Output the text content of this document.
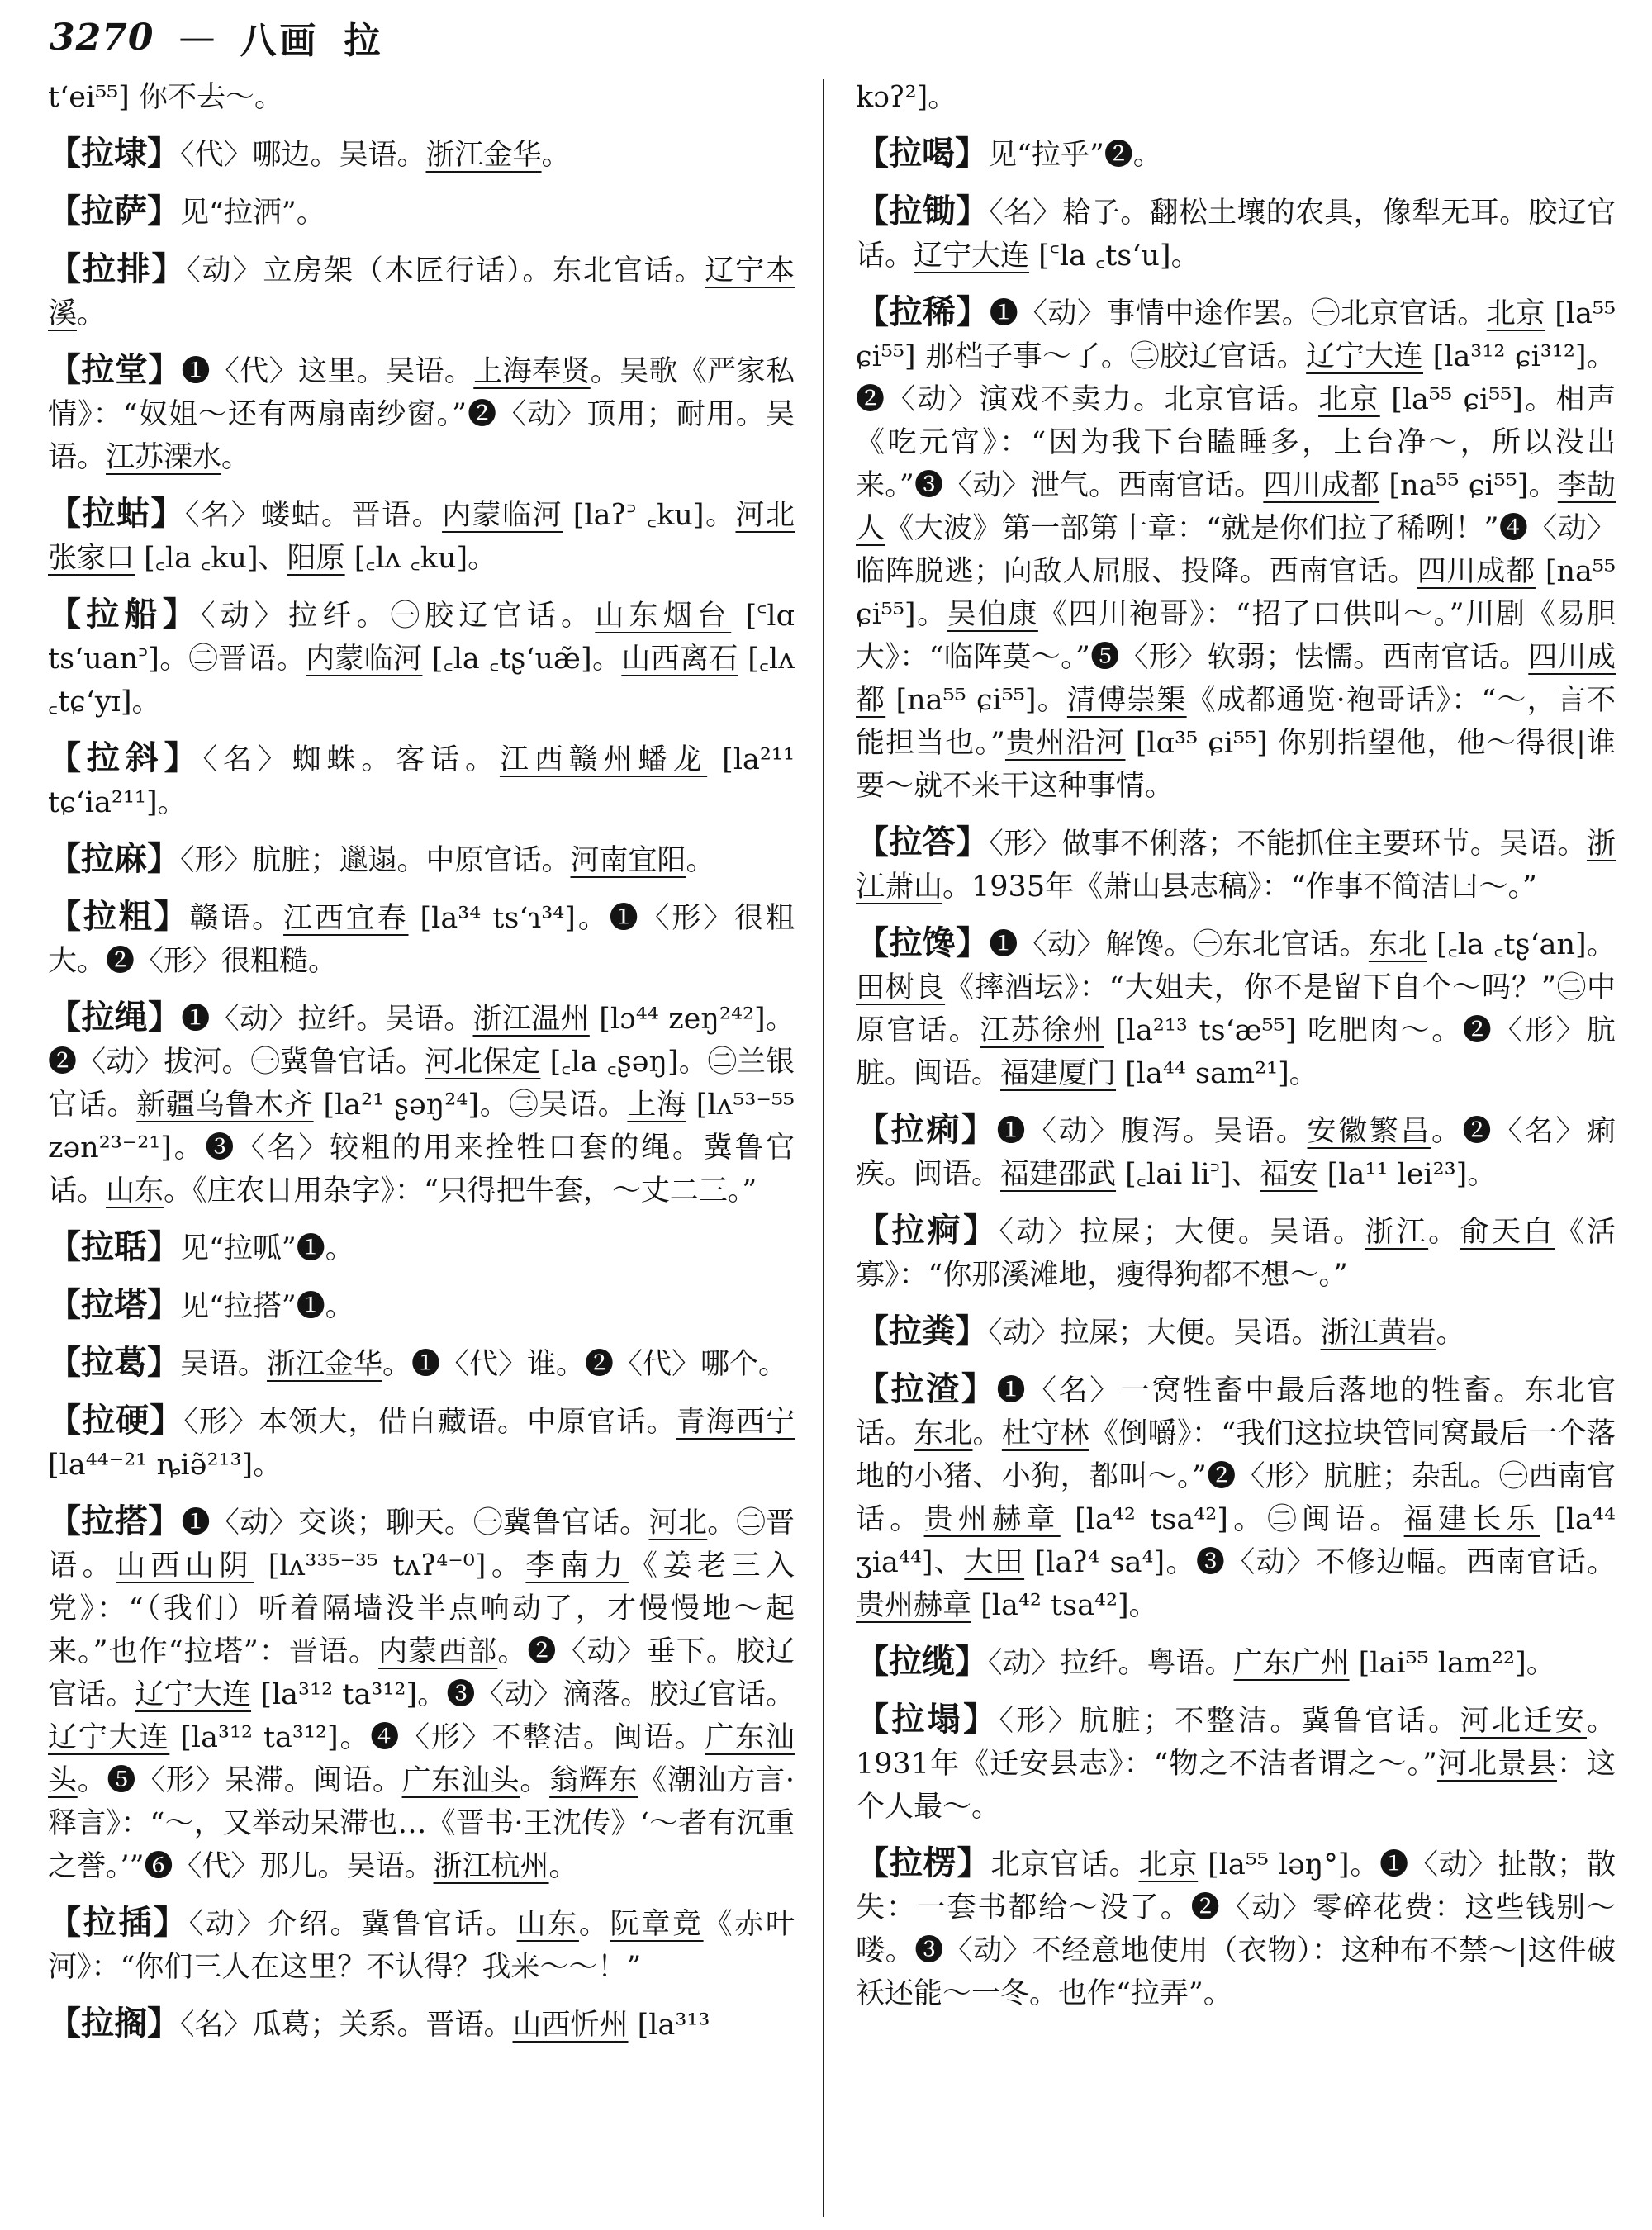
3270 — 八画 拉

tʻei⁵⁵] 你不去～。

【拉埭】〈代〉哪边。吴语。浙江金华。

【拉萨】见“拉洒”。

【拉排】〈动〉立房架（木匠行话）。东北官话。辽宁本溪。

【拉堂】❶〈代〉这里。吴语。上海奉贤。吴歌《严家私情》：“奴姐～还有两扇南纱窗。”❷〈动〉顶用；耐用。吴语。江苏溧水。

【拉蛄】〈名〉蝼蛄。晋语。内蒙临河 [laʔ꜄ ꜀ku]。河北张家口 [꜀la ꜀ku]、阳原 [꜀lʌ ꜀ku]。

【拉船】〈动〉拉纤。㊀胶辽官话。山东烟台 [꜂lɑ tsʻuan꜄]。㊁晋语。内蒙临河 [꜀la ꜀tʂʻuæ̃]。山西离石 [꜀lʌ ꜀tɕʻyɪ]。

【拉斜】〈名〉蜘蛛。客话。江西赣州蟠龙 [la²¹¹ tɕʻia²¹¹]。

【拉麻】〈形〉肮脏；邋遢。中原官话。河南宜阳。

【拉粗】赣语。江西宜春 [la³⁴ tsʻɿ³⁴]。❶〈形〉很粗大。❷〈形〉很粗糙。

【拉绳】❶〈动〉拉纤。吴语。浙江温州 [lɔ⁴⁴ zeŋ²⁴²]。❷〈动〉拔河。㊀冀鲁官话。河北保定 [꜀la ꜀ʂəŋ]。㊁兰银官话。新疆乌鲁木齐 [la²¹ ʂəŋ²⁴]。㊂吴语。上海 [lʌ⁵³⁻⁵⁵ zən²³⁻²¹]。❸〈名〉较粗的用来拴牲口套的绳。冀鲁官话。山东。《庄农日用杂字》：“只得把牛套，～丈二三。”

【拉聒】见“拉呱”❶。

【拉塔】见“拉搭”❶。

【拉葛】吴语。浙江金华。❶〈代〉谁。❷〈代〉哪个。

【拉硬】〈形〉本领大，借自藏语。中原官话。青海西宁 [la⁴⁴⁻²¹ ȵiə̃²¹³]。

【拉搭】❶〈动〉交谈；聊天。㊀冀鲁官话。河北。㊁晋语。山西山阴 [lʌ³³⁵⁻³⁵ tʌʔ⁴⁻⁰]。李南力《姜老三入党》：“（我们）听着隔墙没半点响动了，才慢慢地～起来。”也作“拉塔”：晋语。内蒙西部。❷〈动〉垂下。胶辽官话。辽宁大连 [la³¹² ta³¹²]。❸〈动〉滴落。胶辽官话。辽宁大连 [la³¹² ta³¹²]。❹〈形〉不整洁。闽语。广东汕头。❺〈形〉呆滞。闽语。广东汕头。翁辉东《潮汕方言·释言》：“～，又举动呆滞也…《晋书·王沈传》‘～者有沉重之誉。’”❻〈代〉那儿。吴语。浙江杭州。

【拉插】〈动〉介绍。冀鲁官话。山东。阮章竟《赤叶河》：“你们三人在这里？不认得？我来～～！”

【拉搁】〈名〉瓜葛；关系。晋语。山西忻州 [la³¹³

kɔʔ²]。

【拉喝】见“拉乎”❷。

【拉锄】〈名〉耠子。翻松土壤的农具，像犁无耳。胶辽官话。辽宁大连 [꜂la ꜀tsʻu]。

【拉稀】❶〈动〉事情中途作罢。㊀北京官话。北京 [la⁵⁵ ɕi⁵⁵] 那档子事～了。㊁胶辽官话。辽宁大连 [la³¹² ɕi³¹²]。❷〈动〉演戏不卖力。北京官话。北京 [la⁵⁵ ɕi⁵⁵]。相声《吃元宵》：“因为我下台瞌睡多，上台净～，所以没出来。”❸〈动〉泄气。西南官话。四川成都 [na⁵⁵ ɕi⁵⁵]。李劼人《大波》第一部第十章：“就是你们拉了稀咧！”❹〈动〉临阵脱逃；向敌人屈服、投降。西南官话。四川成都 [na⁵⁵ ɕi⁵⁵]。吴伯康《四川袍哥》：“招了口供叫～。”川剧《易胆大》：“临阵莫～。”❺〈形〉软弱；怯懦。西南官话。四川成都 [na⁵⁵ ɕi⁵⁵]。清傅崇榘《成都通览·袍哥话》：“～，言不能担当也。”贵州沿河 [lɑ³⁵ ɕi⁵⁵] 你别指望他，他～得很|谁要～就不来干这种事情。

【拉答】〈形〉做事不俐落；不能抓住主要环节。吴语。浙江萧山。1935年《萧山县志稿》：“作事不简洁曰～。”

【拉馋】❶〈动〉解馋。㊀东北官话。东北 [꜀la ꜀tʂʻan]。田树良《摔酒坛》：“大姐夫，你不是留下自个～吗？”㊁中原官话。江苏徐州 [la²¹³ tsʻæ⁵⁵] 吃肥肉～。❷〈形〉肮脏。闽语。福建厦门 [la⁴⁴ sam²¹]。

【拉痢】❶〈动〉腹泻。吴语。安徽繁昌。❷〈名〉痢疾。闽语。福建邵武 [꜀lai li꜄]、福安 [la¹¹ lei²³]。

【拉痾】〈动〉拉屎；大便。吴语。浙江。俞天白《活寡》：“你那溪滩地，瘦得狗都不想～。”

【拉粪】〈动〉拉屎；大便。吴语。浙江黄岩。

【拉渣】❶〈名〉一窝牲畜中最后落地的牲畜。东北官话。东北。杜守林《倒嚼》：“我们这拉块管同窝最后一个落地的小猪、小狗，都叫～。”❷〈形〉肮脏；杂乱。㊀西南官话。贵州赫章 [la⁴² tsa⁴²]。㊁闽语。福建长乐 [la⁴⁴ ʒia⁴⁴]、大田 [laʔ⁴ sa⁴]。❸〈动〉不修边幅。西南官话。贵州赫章 [la⁴² tsa⁴²]。

【拉缆】〈动〉拉纤。粤语。广东广州 [lai⁵⁵ lam²²]。

【拉塌】〈形〉肮脏；不整洁。冀鲁官话。河北迁安。1931年《迁安县志》：“物之不洁者谓之～。”河北景县：这个人最～。

【拉楞】北京官话。北京 [la⁵⁵ ləŋ°]。❶〈动〉扯散；散失：一套书都给～没了。❷〈动〉零碎花费：这些钱别～喽。❸〈动〉不经意地使用（衣物）：这种布不禁～|这件破袄还能～一冬。也作“拉弄”。
